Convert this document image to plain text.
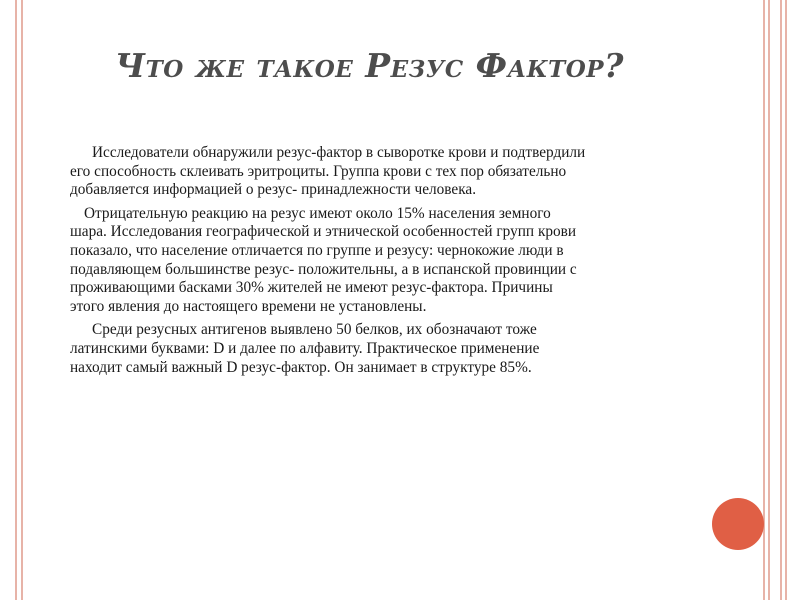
Что же такое Резус Фактор?

Исследователи обнаружили резус-фактор в сыворотке крови и подтвердили его способность склеивать эритроциты. Группа крови с тех пор обязательно добавляется информацией о резус- принадлежности человека.

Отрицательную реакцию на резус имеют около 15% населения земного шара. Исследования географической и этнической особенностей групп крови показало, что население отличается по группе и резусу: чернокожие люди в подавляющем большинстве резус- положительны, а в испанской провинции с проживающими басками 30% жителей не имеют резус-фактора. Причины этого явления до настоящего времени не установлены.

Среди резусных антигенов выявлено 50 белков, их обозначают тоже латинскими буквами: D и далее по алфавиту. Практическое применение находит самый важный D резус-фактор. Он занимает в структуре 85%.
